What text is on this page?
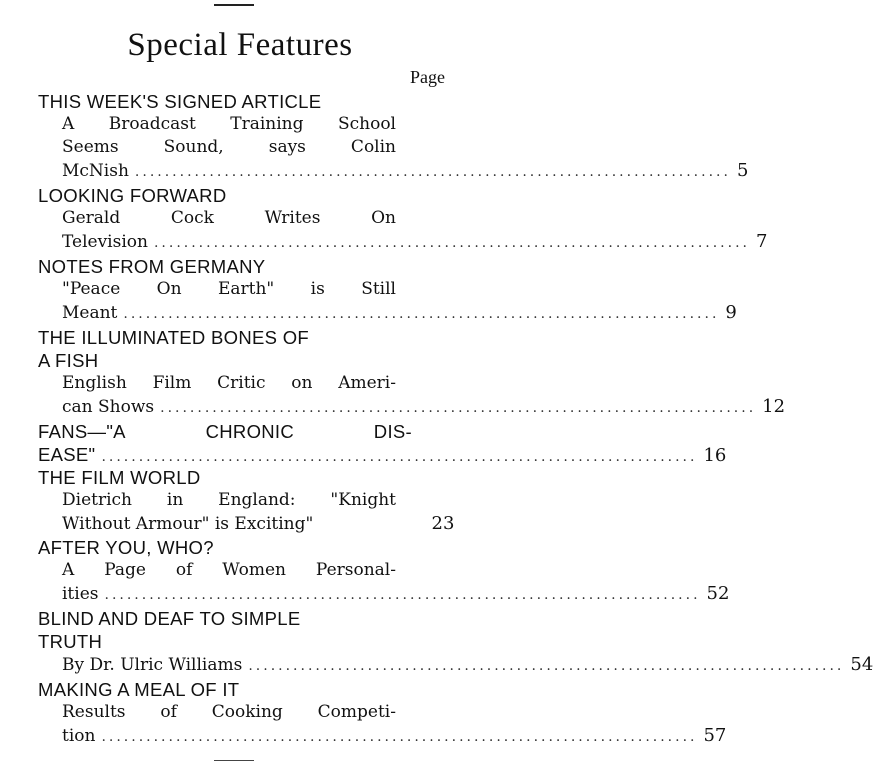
Special Features
Page
THIS WEEK'S SIGNED ARTICLE
A Broadcast Training School
Seems Sound, says Colin
McNish ................................................................................ 5
LOOKING FORWARD
Gerald Cock Writes On
Television ................................................................................ 7
NOTES FROM GERMANY
"Peace On Earth" is Still
Meant ................................................................................ 9
THE ILLUMINATED BONES OF
A FISH
English Film Critic on Ameri-
can Shows ................................................................................ 12
FANS—"A	CHRONIC	DIS-
EASE" ................................................................................ 16
THE FILM WORLD
Dietrich in England: "Knight
Without Armour" is Exciting"	23
AFTER YOU, WHO?
A Page of Women Personal-
ities ................................................................................ 52
BLIND AND DEAF TO SIMPLE
TRUTH
By Dr. Ulric Williams ................................................................................ 54
MAKING A MEAL OF IT
Results of Cooking Competi-
tion ................................................................................ 57
